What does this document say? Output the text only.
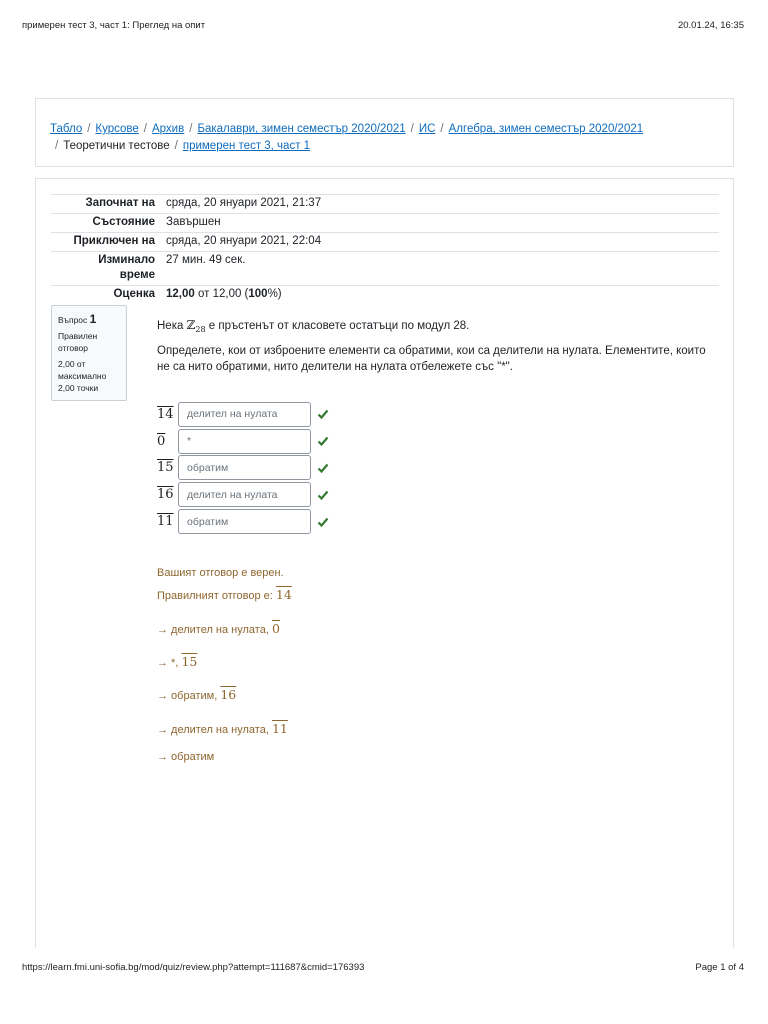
примерен тест 3, част 1: Преглед на опит	20.01.24, 16:35
Табло / Курсове / Архив / Бакалаври, зимен семестър 2020/2021 / ИС / Алгебра, зимен семестър 2020/2021
/ Теоретични тестове / примерен тест 3, част 1
Започнат на сряда, 20 януари 2021, 21:37
Състояние Завършен
Приключен на сряда, 20 януари 2021, 22:04
Изминало
време
27 мин. 49 сек.
Оценка 12,00 от 12,00 (100%)
Въпрос 1
Правилен отговор
2,00 от максимално 2,00 точки

Нека ℤ$_{28}$ е пръстенът от класовете остатъци по модул 28.

Определете, кои от изброените елементи са обратими, кои са делители на нулата. Елементите, които не са нито обратими, нито делители на нулата отбележете със "*".

14	делител на нулата
0	*
15	обратим
16	делител на нулата
11	обратим
Вашият отговор е верен.
Правилният отговор е: 14
→ делител на нулата, 0
→ *, 15
→ обратим, 16
→ делител на нулата, 11
→ обратим
https://learn.fmi.uni-sofia.bg/mod/quiz/review.php?attempt=111687&cmid=176393	Page 1 of 4
